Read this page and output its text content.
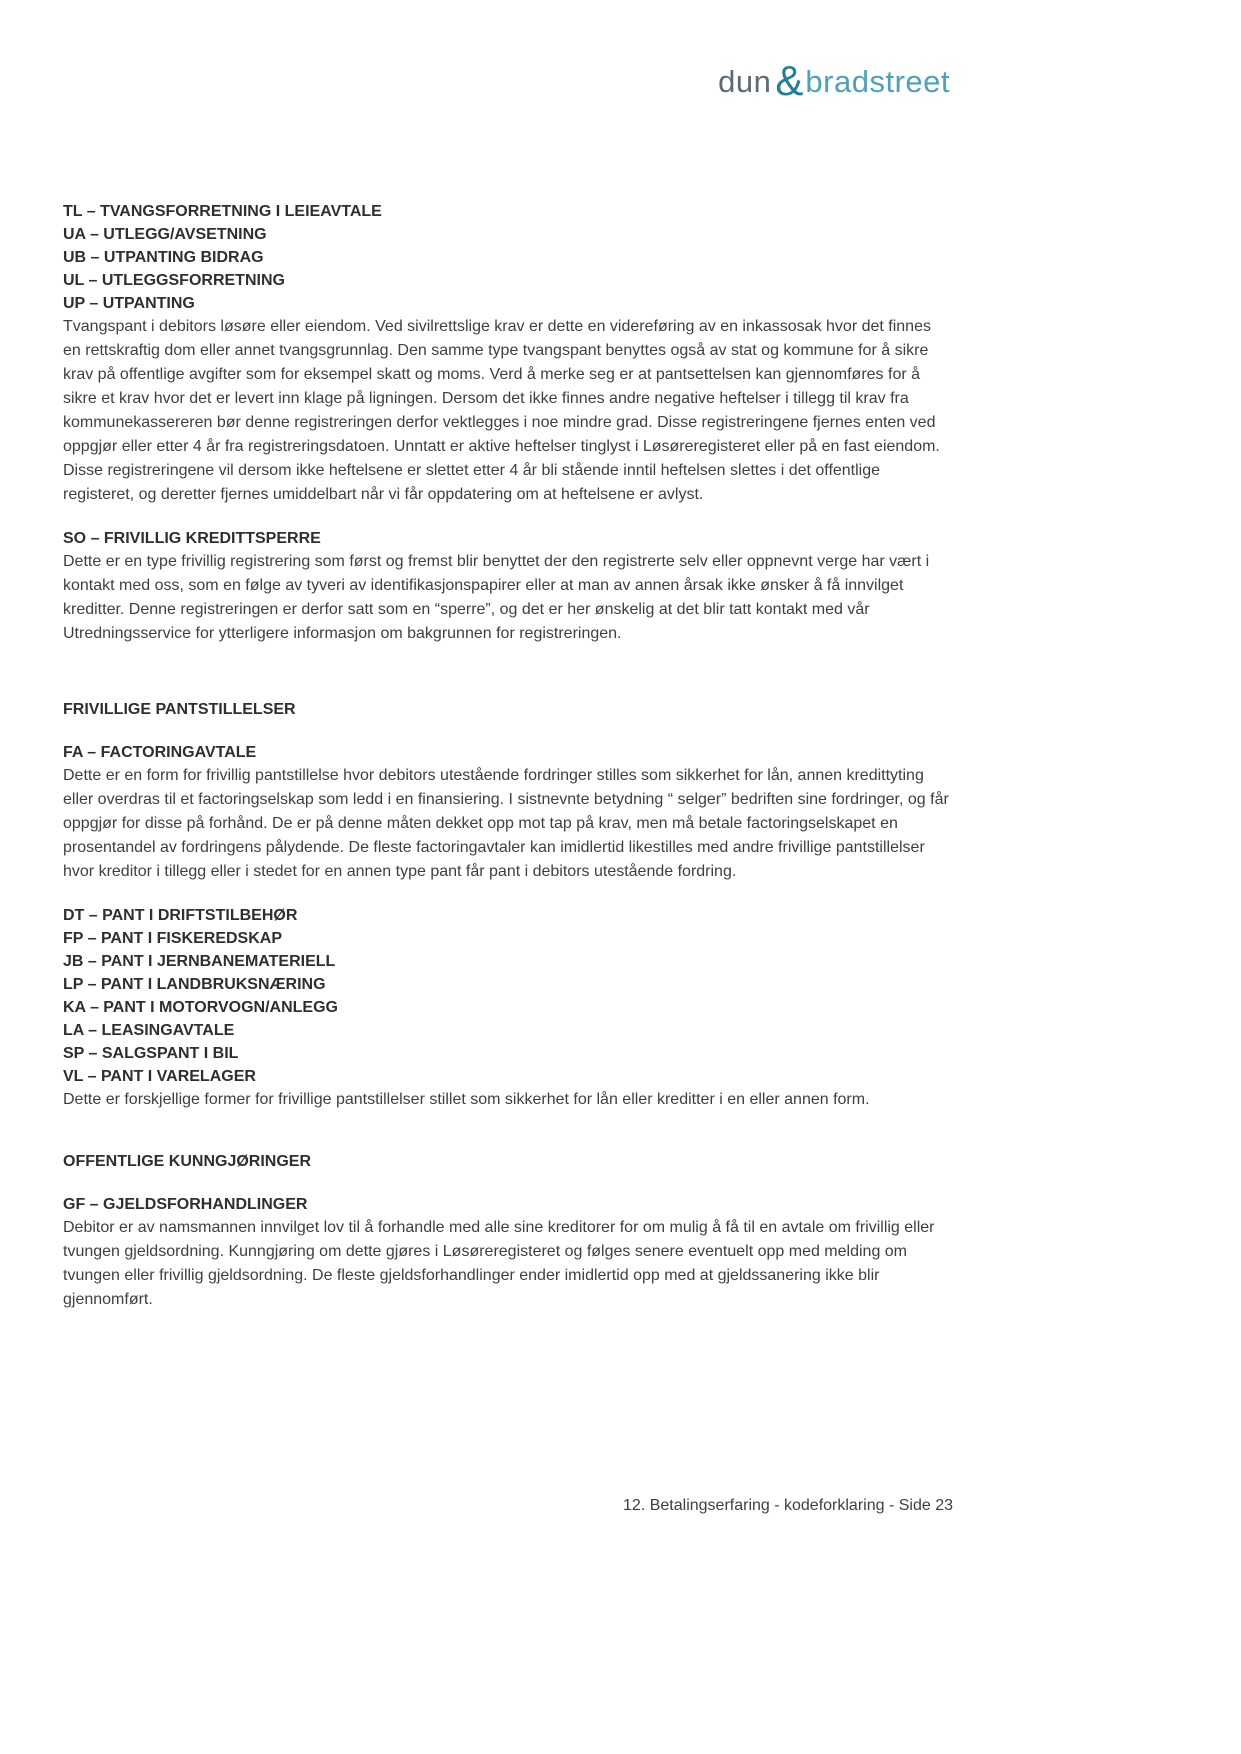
dun & bradstreet
TL – TVANGSFORRETNING I LEIEAVTALE
UA – UTLEGG/AVSETNING
UB – UTPANTING BIDRAG
UL – UTLEGGSFORRETNING
UP – UTPANTING

Tvangspant i debitors løsøre eller eiendom. Ved sivilrettslige krav er dette en videreføring av en inkassosak hvor det finnes en rettskraftig dom eller annet tvangsgrunnlag. Den samme type tvangspant benyttes også av stat og kommune for å sikre krav på offentlige avgifter som for eksempel skatt og moms. Verd å merke seg er at pantsettelsen kan gjennomføres for å sikre et krav hvor det er levert inn klage på ligningen. Dersom det ikke finnes andre negative heftelser i tillegg til krav fra kommunekassereren bør denne registreringen derfor vektlegges i noe mindre grad. Disse registreringene fjernes enten ved oppgjør eller etter 4 år fra registreringsdatoen. Unntatt er aktive heftelser tinglyst i Løsøreregisteret eller på en fast eiendom. Disse registreringene vil dersom ikke heftelsene er slettet etter 4 år bli stående inntil heftelsen slettes i det offentlige registeret, og deretter fjernes umiddelbart når vi får oppdatering om at heftelsene er avlyst.

SO – FRIVILLIG KREDITTSPERRE

Dette er en type frivillig registrering som først og fremst blir benyttet der den registrerte selv eller oppnevnt verge har vært i kontakt med oss, som en følge av tyveri av identifikasjonspapirer eller at man av annen årsak ikke ønsker å få innvilget kreditter. Denne registreringen er derfor satt som en “sperre”, og det er her ønskelig at det blir tatt kontakt med vår Utredningsservice for ytterligere informasjon om bakgrunnen for registreringen.

FRIVILLIGE PANTSTILLELSER
FA – FACTORINGAVTALE

Dette er en form for frivillig pantstillelse hvor debitors utestående fordringer stilles som sikkerhet for lån, annen kredittyting eller overdras til et factoringselskap som ledd i en finansiering. I sistnevnte betydning “ selger” bedriften sine fordringer, og får oppgjør for disse på forhånd. De er på denne måten dekket opp mot tap på krav, men må betale factoringselskapet en prosentandel av fordringens pålydende. De fleste factoringavtaler kan imidlertid likestilles med andre frivillige pantstillelser hvor kreditor i tillegg eller i stedet for en annen type pant får pant i debitors utestående fordring.

DT – PANT I DRIFTSTILBEHØR
FP – PANT I FISKEREDSKAP
JB – PANT I JERNBANEMATERIELL
LP – PANT I LANDBRUKSNÆRING
KA – PANT I MOTORVOGN/ANLEGG
LA – LEASINGAVTALE
SP – SALGSPANT I BIL
VL – PANT I VARELAGER

Dette er forskjellige former for frivillige pantstillelser stillet som sikkerhet for lån eller kreditter i en eller annen form.

OFFENTLIGE KUNNGJØRINGER
GF – GJELDSFORHANDLINGER

Debitor er av namsmannen innvilget lov til å forhandle med alle sine kreditorer for om mulig å få til en avtale om frivillig eller tvungen gjeldsordning. Kunngjøring om dette gjøres i Løsøreregisteret og følges senere eventuelt opp med melding om tvungen eller frivillig gjeldsordning. De fleste gjeldsforhandlinger ender imidlertid opp med at gjeldssanering ikke blir gjennomført.

12. Betalingserfaring - kodeforklaring - Side 23
